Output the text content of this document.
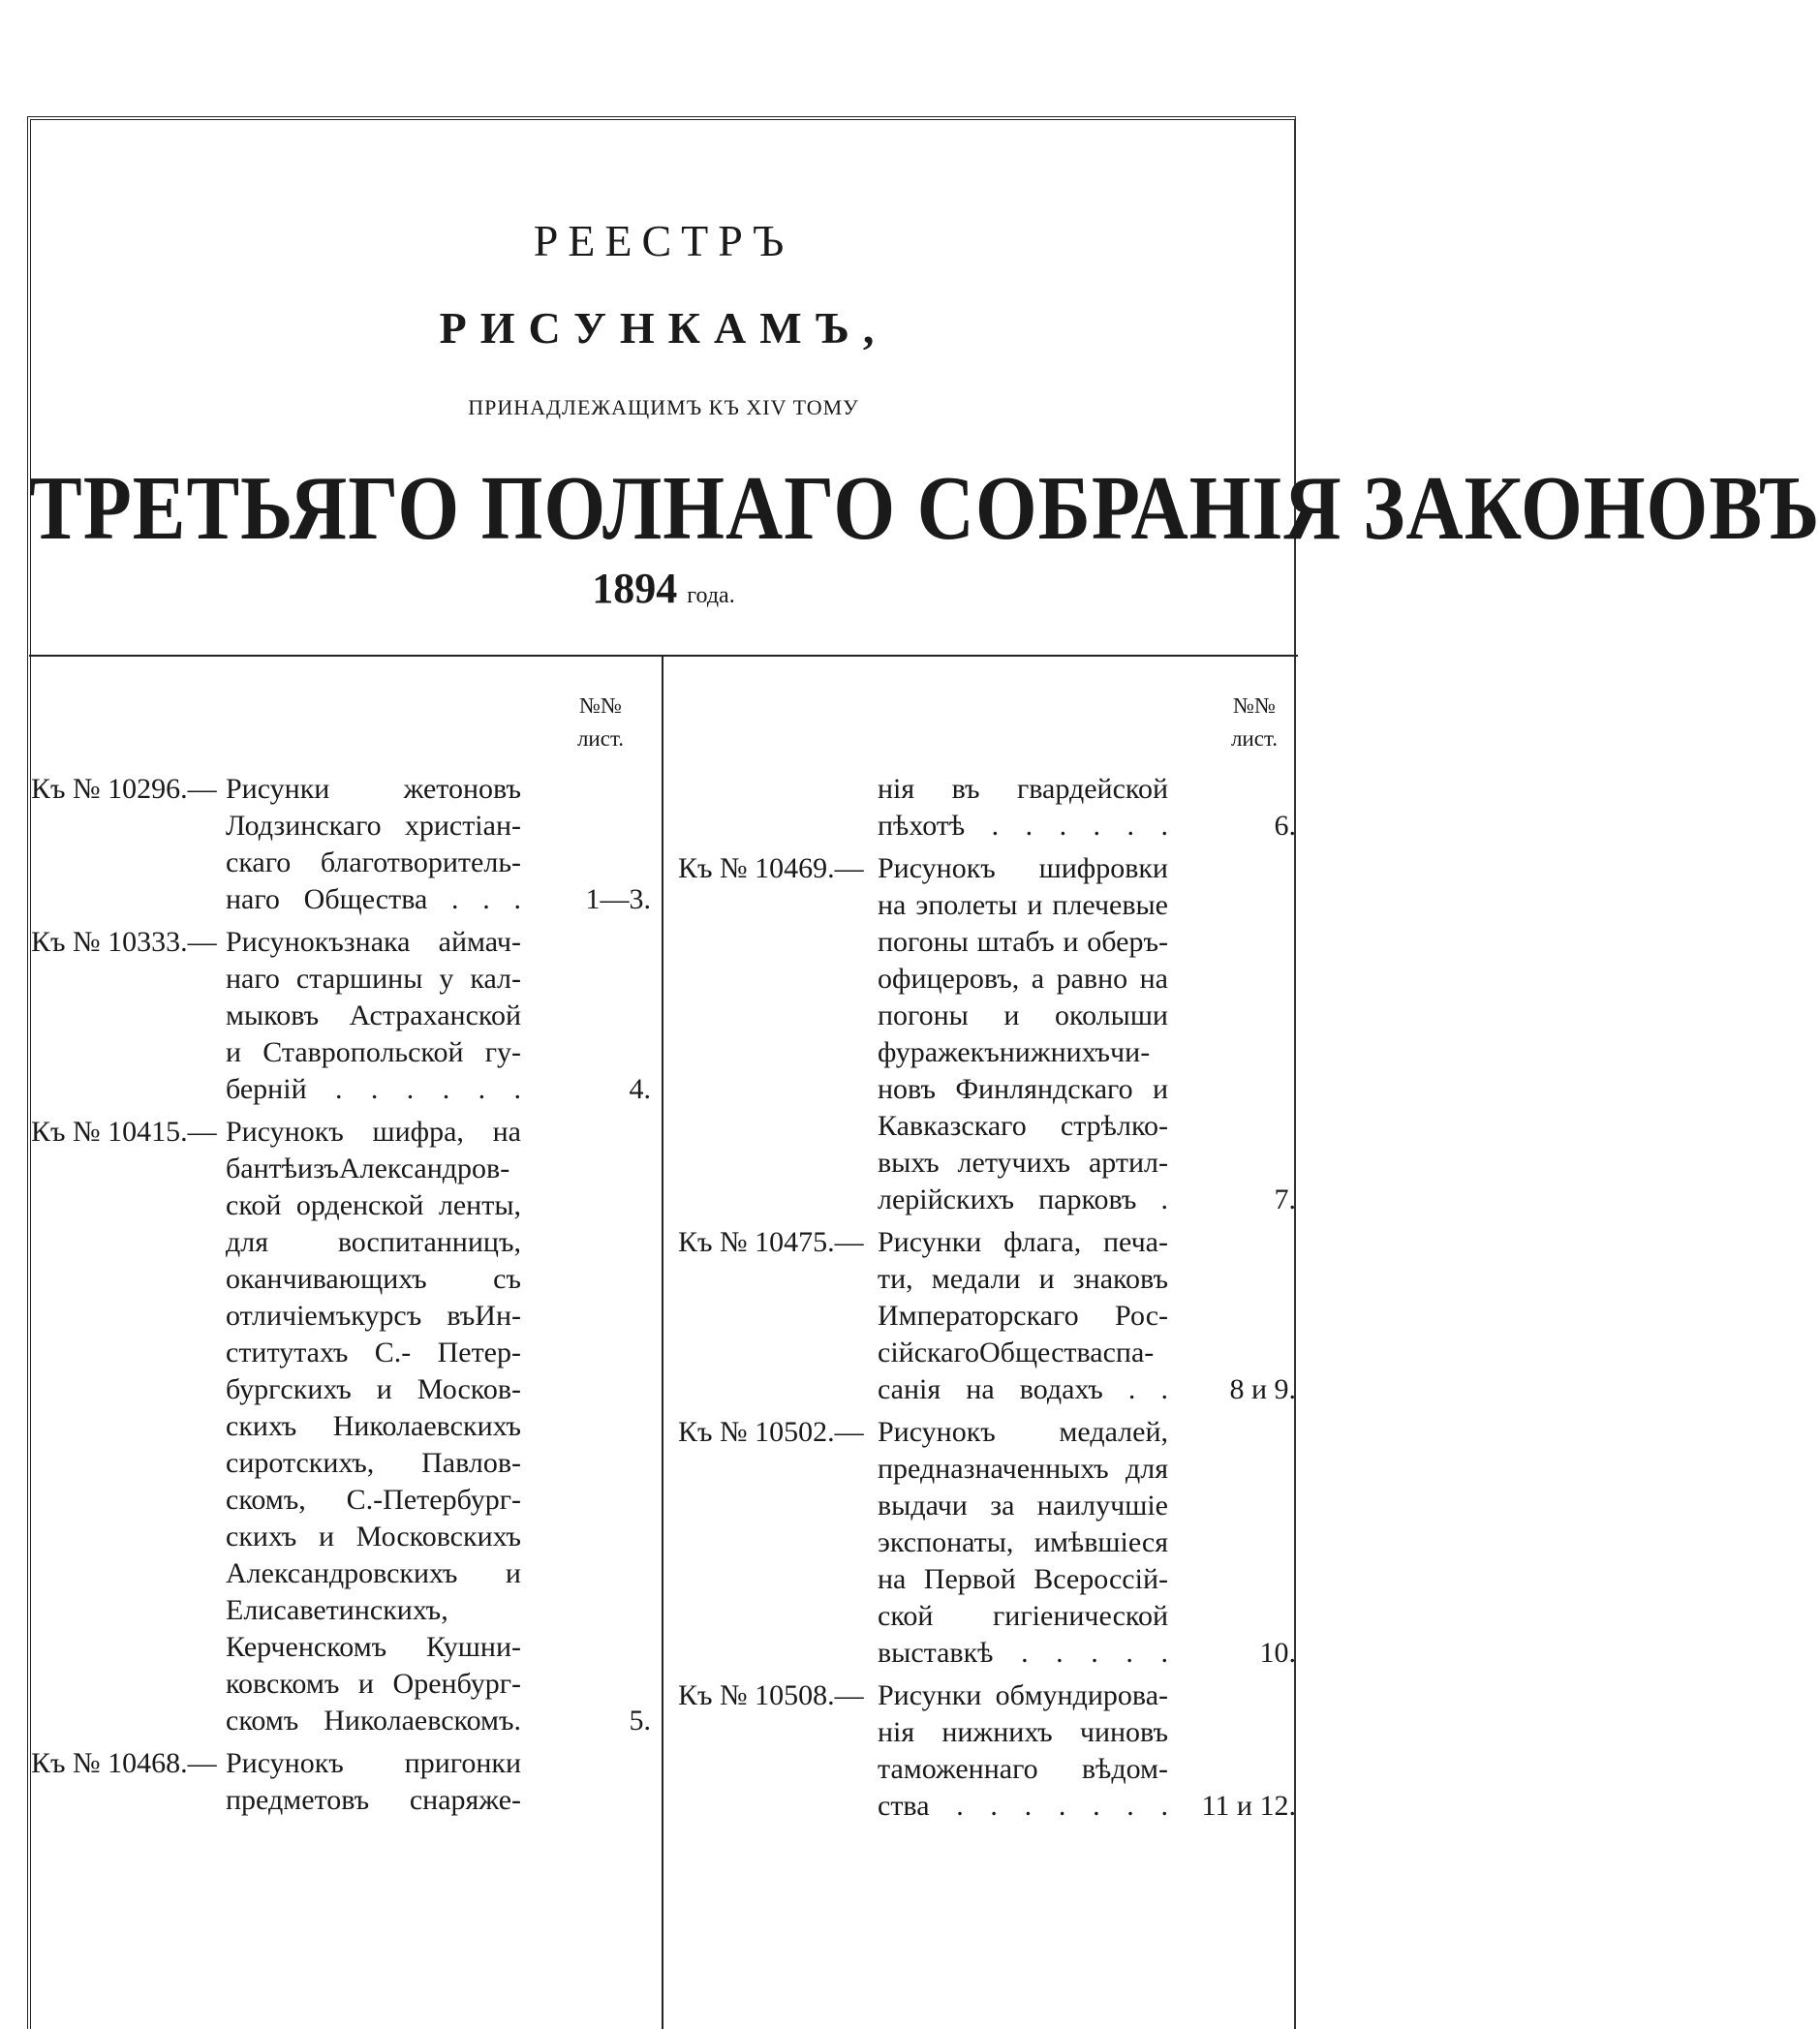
РЕЕСТРЪ
РИСУНКАМЪ,
ПРИНАДЛЕЖАЩИМЪ КЪ XIV ТОМУ
ТРЕТЬЯГО ПОЛНАГО СОБРАНІЯ ЗАКОНОВЪ
1894 года.
№№
лист.
№№
лист.
Къ № 10296.— Рисунки жетоновъ
Лодзинскаго христіан-
скаго благотворитель-
наго Общества . . . 1—3.
Къ № 10333.— Рисунокъзнака аймач-
наго старшины у кал-
мыковъ Астраханской
и Ставропольской гу-
берній . . . . . .	4.
Къ № 10415.— Рисунокъ шифра, на
бантѣизъАлександров-
ской орденской ленты,
для воспитанницъ,
оканчивающихъ съ
отличіемъкурсъ въИн-
ститутахъ С.- Петер-
бургскихъ и Москов-
скихъ Николаевскихъ
сиротскихъ, Павлов-
скомъ, С.-Петербург-
скихъ и Московскихъ
Александровскихъ и
Елисаветинскихъ,
Керченскомъ Кушни-
ковскомъ и Оренбург-
скомъ Николаевскомъ.	5.
Къ № 10468.— Рисунокъ пригонки
предметовъ снаряже-
нія въ гвардейской
пѣхотѣ . . . . . .	6.
Къ № 10469.— Рисунокъ шифровки
на эполеты и плечевые
погоны штабъ и оберъ-
офицеровъ, а равно на
погоны и околыши
фуражекънижнихъчи-
новъ Финляндскаго и
Кавказскаго стрѣлко-
выхъ летучихъ артил-
лерійскихъ парковъ .	7.
Къ № 10475.— Рисунки флага, печа-
ти, медали и знаковъ
Императорскаго Рос-
сійскагоОбществаспа-
санія на водахъ . . 8 и 9.
Къ № 10502.— Рисунокъ медалей,
предназначенныхъ для
выдачи за наилучшіе
экспонаты, имѣвшіеся
на Первой Всероссій-
ской гигіенической
выставкѣ . . . . .	10.
Къ № 10508.— Рисунки обмундирова-
нія нижнихъ чиновъ
таможеннаго вѣдом-
ства . . . . . . . 11 и 12.
